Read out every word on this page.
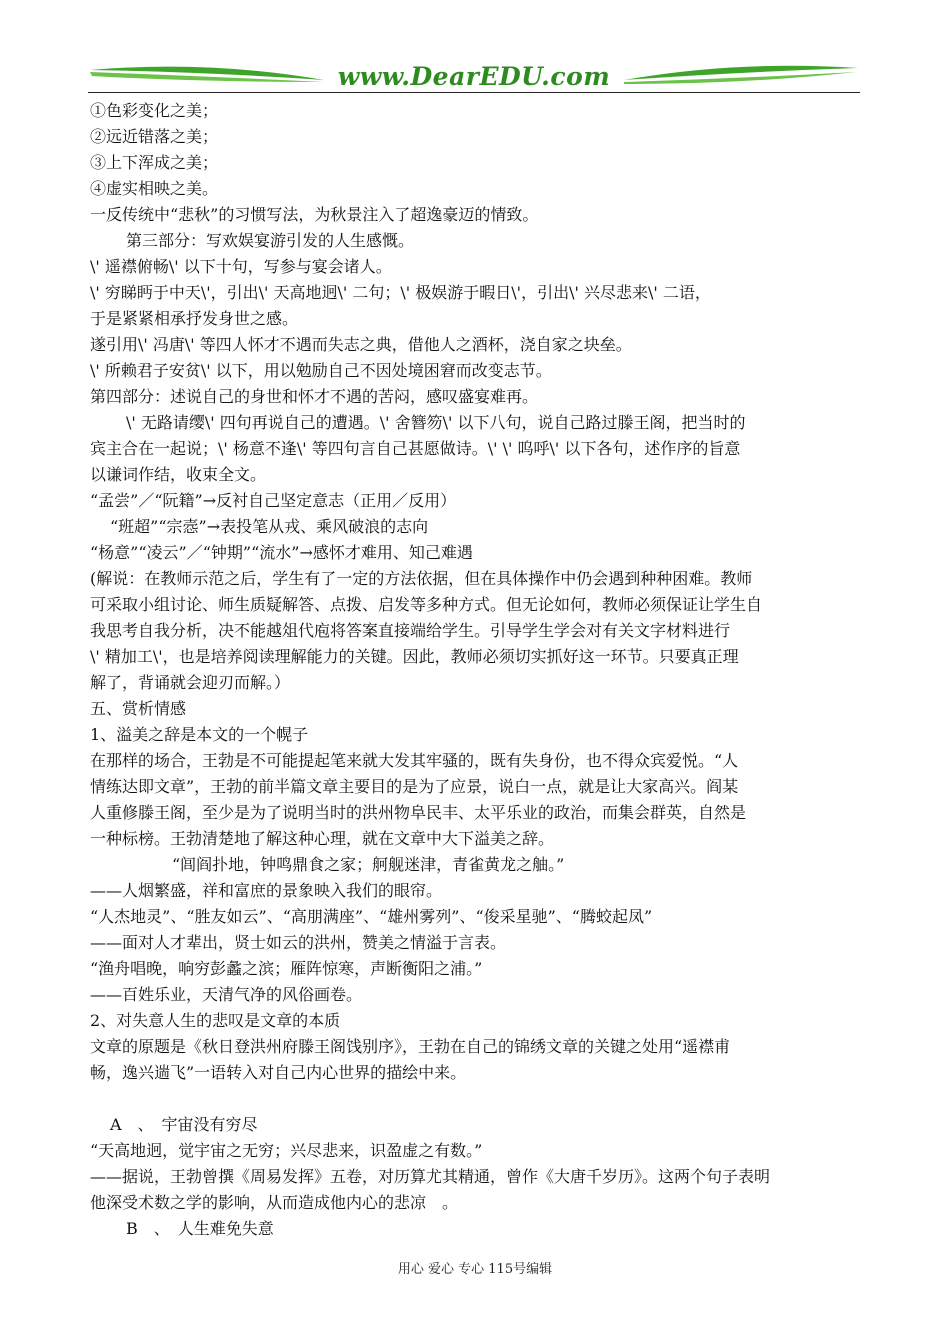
www.DearEDU.com
①色彩变化之美；
②远近错落之美；
③上下浑成之美；
④虚实相映之美。
一反传统中“悲秋”的习惯写法，为秋景注入了超逸豪迈的情致。
第三部分：写欢娱宴游引发的人生感慨。
\' 遥襟俯畅\' 以下十句，写参与宴会诸人。
\' 穷睇眄于中天\'，引出\' 天高地迥\' 二句；\' 极娱游于暇日\'，引出\' 兴尽悲来\' 二语，
于是紧紧相承抒发身世之感。
遂引用\' 冯唐\' 等四人怀才不遇而失志之典，借他人之酒杯，浇自家之块垒。
\' 所赖君子安贫\' 以下，用以勉励自己不因处境困窘而改变志节。
第四部分：述说自己的身世和怀才不遇的苦闷，感叹盛宴难再。
\' 无路请缨\' 四句再说自己的遭遇。\' 舍簪笏\' 以下八句，说自己路过滕王阁，把当时的
宾主合在一起说；\' 杨意不逢\' 等四句言自己甚愿做诗。\' \' 呜呼\' 以下各句，述作序的旨意
以谦词作结，收束全文。
“孟尝”／“阮籍”→反衬自己坚定意志（正用／反用）
“班超”“宗悫”→表投笔从戎、乘风破浪的志向
“杨意”“凌云”／“钟期”“流水”→感怀才难用、知己难遇
(解说：在教师示范之后，学生有了一定的方法依据，但在具体操作中仍会遇到种种困难。教师
可采取小组讨论、师生质疑解答、点拨、启发等多种方式。但无论如何，教师必须保证让学生自
我思考自我分析，决不能越俎代庖将答案直接端给学生。引导学生学会对有关文字材料进行
\' 精加工\'，也是培养阅读理解能力的关键。因此，教师必须切实抓好这一环节。只要真正理
解了，背诵就会迎刃而解。）
五、赏析情感
1、溢美之辞是本文的一个幌子
在那样的场合，王勃是不可能提起笔来就大发其牢骚的，既有失身份，也不得众宾爱悦。“人
情练达即文章”，王勃的前半篇文章主要目的是为了应景，说白一点，就是让大家高兴。阎某
人重修滕王阁，至少是为了说明当时的洪州物阜民丰、太平乐业的政治，而集会群英，自然是
一种标榜。王勃清楚地了解这种心理，就在文章中大下溢美之辞。
“闾阎扑地，钟鸣鼎食之家；舸舰迷津，青雀黄龙之舳。”
——人烟繁盛，祥和富庶的景象映入我们的眼帘。
“人杰地灵”、“胜友如云”、“高朋满座”、“雄州雾列”、“俊采星驰”、“腾蛟起凤”
——面对人才辈出，贤士如云的洪州，赞美之情溢于言表。
“渔舟唱晚，响穷彭蠡之滨；雁阵惊寒，声断衡阳之浦。”
——百姓乐业，天清气净的风俗画卷。
2、对失意人生的悲叹是文章的本质
文章的原题是《秋日登洪州府滕王阁饯别序》，王勃在自己的锦绣文章的关键之处用“遥襟甫
畅，逸兴遄飞”一语转入对自己内心世界的描绘中来。
A　、　宇宙没有穷尽
“天高地迥，觉宇宙之无穷；兴尽悲来，识盈虚之有数。”
——据说，王勃曾撰《周易发挥》五卷，对历算尤其精通，曾作《大唐千岁历》。这两个句子表明
他深受术数之学的影响，从而造成他内心的悲凉　。
B　、　人生难免失意
用心 爱心 专心 115号编辑
